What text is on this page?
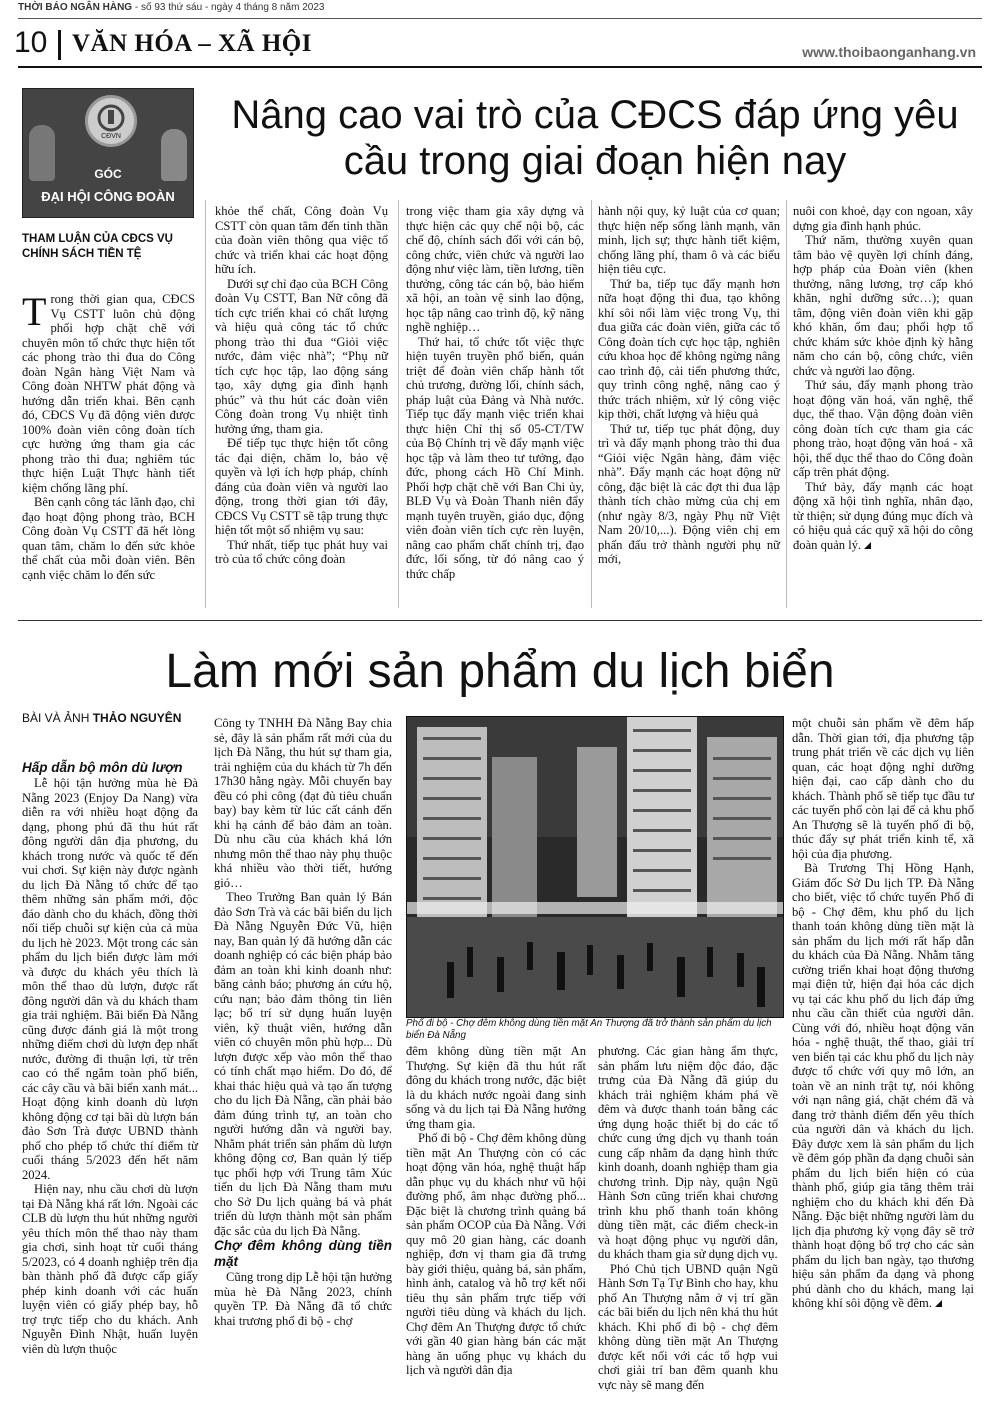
THỜI BÁO NGÂN HÀNG - số 93 thứ sáu - ngày 4 tháng 8 năm 2023
10 VĂN HÓA – XÃ HỘI	www.thoibaonganhang.vn
CĐVN
GÓC
ĐẠI HỘI CÔNG ĐOÀN
Nâng cao vai trò của CĐCS đáp ứng yêu cầu trong giai đoạn hiện nay
THAM LUẬN CỦA CĐCS VỤ CHÍNH SÁCH TIỀN TỆ

Trong thời gian qua, CĐCS Vụ CSTT luôn chủ động phối hợp chặt chẽ với chuyên môn tổ chức thực hiện tốt các phong trào thi đua do Công đoàn Ngân hàng Việt Nam và Công đoàn NHTW phát động và hướng dẫn triển khai. Bên cạnh đó, CĐCS Vụ đã động viên được 100% đoàn viên công đoàn tích cực hưởng ứng tham gia các phong trào thi đua; nghiêm túc thực hiện Luật Thực hành tiết kiệm chống lãng phí.

Bên cạnh công tác lãnh đạo, chỉ đạo hoạt động phong trào, BCH Công đoàn Vụ CSTT đã hết lòng quan tâm, chăm lo đến sức khỏe thể chất của mỗi đoàn viên. Bên cạnh việc chăm lo đến sức

khỏe thể chất, Công đoàn Vụ CSTT còn quan tâm đến tinh thần của đoàn viên thông qua việc tổ chức và triển khai các hoạt động hữu ích.

Dưới sự chỉ đạo của BCH Công đoàn Vụ CSTT, Ban Nữ công đã tích cực triển khai có chất lượng và hiệu quả công tác tổ chức phong trào thi đua “Giỏi việc nước, đảm việc nhà”; “Phụ nữ tích cực học tập, lao động sáng tạo, xây dựng gia đình hạnh phúc” và thu hút các đoàn viên Công đoàn trong Vụ nhiệt tình hưởng ứng, tham gia.

Để tiếp tục thực hiện tốt công tác đại diện, chăm lo, bảo vệ quyền và lợi ích hợp pháp, chính đáng của đoàn viên và người lao động, trong thời gian tới đây, CĐCS Vụ CSTT sẽ tập trung thực hiện tốt một số nhiệm vụ sau:

Thứ nhất, tiếp tục phát huy vai trò của tổ chức công đoàn

trong việc tham gia xây dựng và thực hiện các quy chế nội bộ, các chế độ, chính sách đối với cán bộ, công chức, viên chức và người lao động như việc làm, tiền lương, tiền thưởng, công tác cán bộ, bảo hiểm xã hội, an toàn vệ sinh lao động, học tập nâng cao trình độ, kỹ năng nghề nghiệp…

Thứ hai, tổ chức tốt việc thực hiện tuyên truyền phổ biến, quán triệt để đoàn viên chấp hành tốt chủ trương, đường lối, chính sách, pháp luật của Đảng và Nhà nước. Tiếp tục đẩy mạnh việc triển khai thực hiện Chỉ thị số 05-CT/TW của Bộ Chính trị về đẩy mạnh việc học tập và làm theo tư tưởng, đạo đức, phong cách Hồ Chí Minh. Phối hợp chặt chẽ với Ban Chi ủy, BLĐ Vụ và Đoàn Thanh niên đẩy mạnh tuyên truyền, giáo dục, động viên đoàn viên tích cực rèn luyện, nâng cao phẩm chất chính trị, đạo đức, lối sống, từ đó nâng cao ý thức chấp

hành nội quy, kỷ luật của cơ quan; thực hiện nếp sống lành mạnh, văn minh, lịch sự; thực hành tiết kiệm, chống lãng phí, tham ô và các biểu hiện tiêu cực.

Thứ ba, tiếp tục đẩy mạnh hơn nữa hoạt động thi đua, tạo không khí sôi nổi làm việc trong Vụ, thi đua giữa các đoàn viên, giữa các tổ Công đoàn tích cực học tập, nghiên cứu khoa học để không ngừng nâng cao trình độ, cải tiến phương thức, quy trình công nghệ, nâng cao ý thức trách nhiệm, xử lý công việc kịp thời, chất lượng và hiệu quả

Thứ tư, tiếp tục phát động, duy trì và đẩy mạnh phong trào thi đua “Giỏi việc Ngân hàng, đảm việc nhà”. Đẩy mạnh các hoạt động nữ công, đặc biệt là các đợt thi đua lập thành tích chào mừng của chị em (như ngày 8/3, ngày Phụ nữ Việt Nam 20/10,...). Động viên chị em phấn đấu trở thành người phụ nữ mới,

nuôi con khoẻ, dạy con ngoan, xây dựng gia đình hạnh phúc.

Thứ năm, thường xuyên quan tâm bảo vệ quyền lợi chính đáng, hợp pháp của Đoàn viên (khen thưởng, nâng lương, trợ cấp khó khăn, nghỉ dưỡng sức…); quan tâm, động viên đoàn viên khi gặp khó khăn, ốm đau; phối hợp tổ chức khám sức khỏe định kỳ hằng năm cho cán bộ, công chức, viên chức và người lao động.

Thứ sáu, đẩy mạnh phong trào hoạt động văn hoá, văn nghệ, thể dục, thể thao. Vận động đoàn viên công đoàn tích cực tham gia các phong trào, hoạt động văn hoá - xã hội, thể dục thể thao do Công đoàn cấp trên phát động.

Thứ bảy, đẩy mạnh các hoạt động xã hội tình nghĩa, nhân đạo, từ thiện; sử dụng đúng mục đích và có hiệu quả các quỹ xã hội do công đoàn quản lý.

Làm mới sản phẩm du lịch biển
BÀI VÀ ẢNH THẢO NGUYÊN

Hấp dẫn bộ môn dù lượn

Lễ hội tận hưởng mùa hè Đà Nẵng 2023 (Enjoy Da Nang) vừa diễn ra với nhiều hoạt động đa dạng, phong phú đã thu hút rất đông người dân địa phương, du khách trong nước và quốc tế đến vui chơi. Sự kiện này được ngành du lịch Đà Nẵng tổ chức để tạo thêm những sản phẩm mới, độc đáo dành cho du khách, đồng thời nối tiếp chuỗi sự kiện của cả mùa du lịch hè 2023. Một trong các sản phẩm du lịch biển được làm mới và được du khách yêu thích là môn thể thao dù lượn, được rất đông người dân và du khách tham gia trải nghiệm. Bãi biển Đà Nẵng cũng được đánh giá là một trong những điểm chơi dù lượn đẹp nhất nước, đường đi thuận lợi, từ trên cao có thể ngắm toàn phố biển, các cây cầu và bãi biển xanh mát... Hoạt động kinh doanh dù lượn không động cơ tại bãi dù lượn bán đảo Sơn Trà được UBND thành phố cho phép tổ chức thí điểm từ cuối tháng 5/2023 đến hết năm 2024.

Hiện nay, nhu cầu chơi dù lượn tại Đà Nẵng khá rất lớn. Ngoài các CLB dù lượn thu hút những người yêu thích môn thể thao này tham gia chơi, sinh hoạt từ cuối tháng 5/2023, có 4 doanh nghiệp trên địa bàn thành phố đã được cấp giấy phép kinh doanh với các huấn luyện viên có giấy phép bay, hỗ trợ trực tiếp cho du khách. Anh Nguyễn Đình Nhật, huấn luyện viên dù lượn thuộc

Công ty TNHH Đà Nẵng Bay chia sẻ, đây là sản phẩm rất mới của du lịch Đà Nẵng, thu hút sự tham gia, trải nghiệm của du khách từ 7h đến 17h30 hằng ngày. Mỗi chuyến bay đều có phi công (đạt đủ tiêu chuẩn bay) bay kèm từ lúc cất cánh đến khi hạ cánh để bảo đảm an toàn. Dù nhu cầu của khách khá lớn nhưng môn thể thao này phụ thuộc khá nhiều vào thời tiết, hướng gió…

Theo Trưởng Ban quản lý Bán đảo Sơn Trà và các bãi biển du lịch Đà Nẵng Nguyễn Đức Vũ, hiện nay, Ban quản lý đã hướng dẫn các doanh nghiệp có các biện pháp bảo đảm an toàn khi kinh doanh như: băng cảnh báo; phương án cứu hộ, cứu nạn; bảo đảm thông tin liên lạc; bố trí sử dụng huấn luyện viên, kỹ thuật viên, hướng dẫn viên có chuyên môn phù hợp... Dù lượn được xếp vào môn thể thao có tính chất mạo hiểm. Do đó, để khai thác hiệu quả và tạo ấn tượng cho du lịch Đà Nẵng, cần phải bảo đảm đúng trình tự, an toàn cho người hướng dẫn và người bay. Nhằm phát triển sản phẩm dù lượn không động cơ, Ban quản lý tiếp tục phối hợp với Trung tâm Xúc tiến du lịch Đà Nẵng tham mưu cho Sở Du lịch quảng bá và phát triển dù lượn thành một sản phẩm đặc sắc của du lịch Đà Nẵng.

Chợ đêm không dùng tiền mặt

Cũng trong dịp Lễ hội tận hưởng mùa hè Đà Nẵng 2023, chính quyền TP. Đà Nẵng đã tổ chức khai trương phố đi bộ - chợ

Phố đi bộ - Chợ đêm không dùng tiền mặt An Thượng đã trở thành sản phẩm du lịch biển Đà Nẵng

đêm không dùng tiền mặt An Thượng. Sự kiện đã thu hút rất đông du khách trong nước, đặc biệt là du khách nước ngoài đang sinh sống và du lịch tại Đà Nẵng hưởng ứng tham gia.

Phố đi bộ - Chợ đêm không dùng tiền mặt An Thượng còn có các hoạt động văn hóa, nghệ thuật hấp dẫn phục vụ du khách như vũ hội đường phố, âm nhạc đường phố... Đặc biệt là chương trình quảng bá sản phẩm OCOP của Đà Nẵng. Với quy mô 20 gian hàng, các doanh nghiệp, đơn vị tham gia đã trưng bày giới thiệu, quảng bá, sản phẩm, hình ảnh, catalog và hỗ trợ kết nối tiêu thụ sản phẩm trực tiếp với người tiêu dùng và khách du lịch. Chợ đêm An Thượng được tổ chức với gần 40 gian hàng bán các mặt hàng ăn uống phục vụ khách du lịch và người dân địa

phương. Các gian hàng ẩm thực, sản phẩm lưu niệm độc đáo, đặc trưng của Đà Nẵng đã giúp du khách trải nghiệm khám phá về đêm và được thanh toán bằng các ứng dụng hoặc thiết bị do các tổ chức cung ứng dịch vụ thanh toán cung cấp nhằm đa dạng hình thức kinh doanh, doanh nghiệp tham gia chương trình. Dịp này, quận Ngũ Hành Sơn cũng triển khai chương trình khu phố thanh toán không dùng tiền mặt, các điểm check-in và hoạt động phục vụ người dân, du khách tham gia sử dụng dịch vụ.

Phó Chủ tịch UBND quận Ngũ Hành Sơn Tạ Tự Bình cho hay, khu phố An Thượng nằm ở vị trí gần các bãi biển du lịch nên khá thu hút khách. Khi phố đi bộ - chợ đêm không dùng tiền mặt An Thượng được kết nối với các tổ hợp vui chơi giải trí ban đêm quanh khu vực này sẽ mang đến

một chuỗi sản phẩm về đêm hấp dẫn. Thời gian tới, địa phương tập trung phát triển về các dịch vụ liên quan, các hoạt động nghỉ dưỡng hiện đại, cao cấp dành cho du khách. Thành phố sẽ tiếp tục đầu tư các tuyến phố còn lại để cả khu phố An Thượng sẽ là tuyến phố đi bộ, thúc đẩy sự phát triển kinh tế, xã hội của địa phương.

Bà Trương Thị Hồng Hạnh, Giám đốc Sở Du lịch TP. Đà Nẵng cho biết, việc tổ chức tuyến Phố đi bộ - Chợ đêm, khu phố du lịch thanh toán không dùng tiền mặt là sản phẩm du lịch mới rất hấp dẫn du khách của Đà Nẵng. Nhằm tăng cường triển khai hoạt động thương mại điện tử, hiện đại hóa các dịch vụ tại các khu phố du lịch đáp ứng nhu cầu cần thiết của người dân. Cùng với đó, nhiều hoạt động văn hóa - nghệ thuật, thể thao, giải trí ven biển tại các khu phố du lịch này được tổ chức với quy mô lớn, an toàn về an ninh trật tự, nói không với nạn nâng giá, chặt chém đã và đang trở thành điểm đến yêu thích của người dân và khách du lịch. Đây được xem là sản phẩm du lịch về đêm góp phần đa dạng chuỗi sản phẩm du lịch biển hiện có của thành phố, giúp gia tăng thêm trải nghiệm cho du khách khi đến Đà Nẵng. Đặc biệt những người làm du lịch địa phương kỳ vọng đây sẽ trở thành hoạt động bổ trợ cho các sản phẩm du lịch ban ngày, tạo thương hiệu sản phẩm đa dạng và phong phú dành cho du khách, mang lại không khí sôi động về đêm.
